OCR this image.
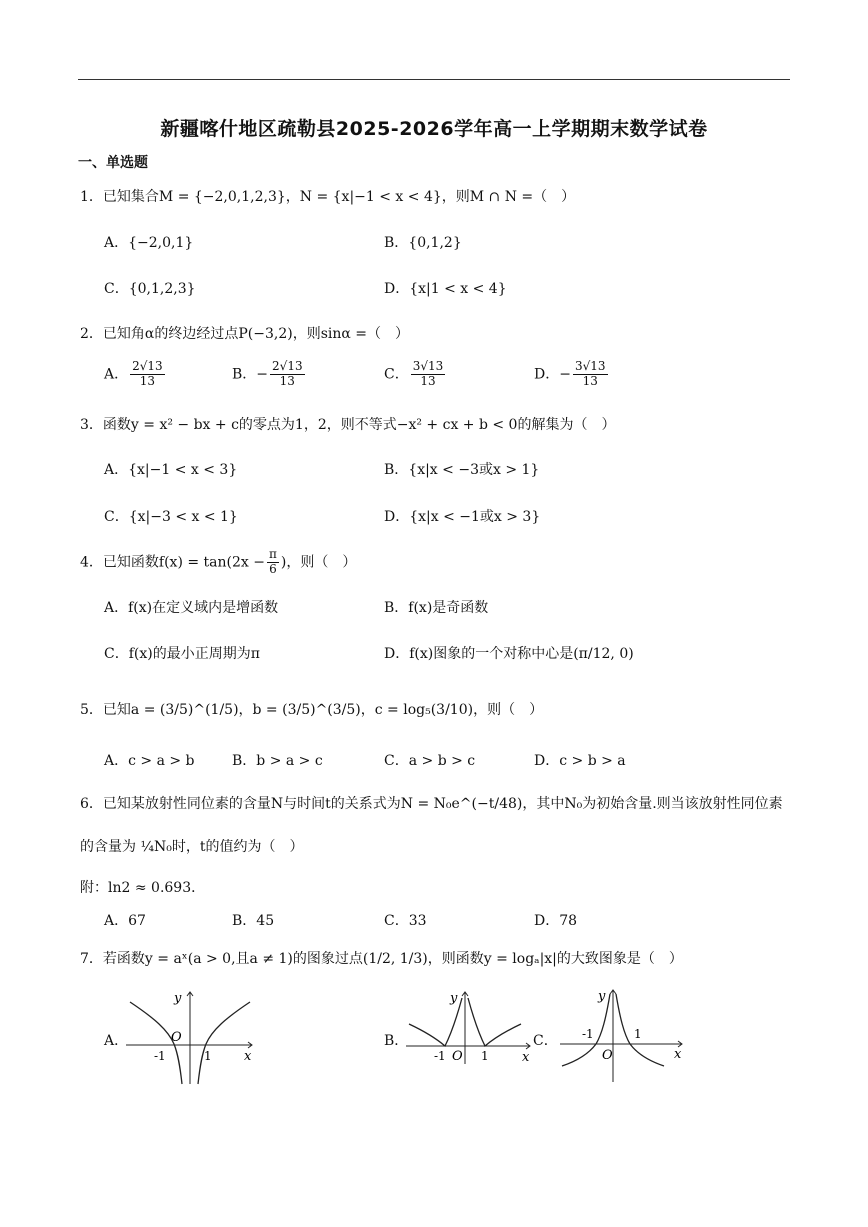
新疆喀什地区疏勒县2025-2026学年高一上学期期末数学试卷
一、单选题
1．已知集合M = {−2,0,1,2,3}，N = {x|−1 < x < 4}，则M ∩ N =（　）
A．{−2,0,1}	B．{0,1,2}
C．{0,1,2,3}	D．{x|1 < x < 4}
2．已知角α的终边经过点P(−3,2)，则sinα =（　）
A． $\frac{2√13}{13}$	B．− $\frac{2√13}{13}$	C． $\frac{3√13}{13}$	D．− $\frac{3√13}{13}$
3．函数y = x² − bx + c的零点为1，2，则不等式−x² + cx + b < 0的解集为（　）
A．{x|−1 < x < 3}	B．{x|x < −3或x > 1}
C．{x|−3 < x < 1}	D．{x|x < −1或x > 3}
4．已知函数$f(x) = \tan(2x - \frac{\pi}{6}$ )，则（　）
A．f(x)在定义域内是增函数	B．f(x)是奇函数
C．f(x)的最小正周期为π	D．f(x)图象的一个对称中心是(π/12, 0)
5．已知a = (3/5)^(1/5)，b = (3/5)^(3/5)，c = log₅(3/10)，则（　）
A．c > a > b	B．b > a > c	C．a > b > c	D．c > b > a
6．已知某放射性同位素的含量N与时间t的关系式为N = N₀e^(−t/48)，其中N₀为初始含量.则当该放射性同位素
的含量为 ¼N₀时，t的值约为（　）
附：ln2 ≈ 0.693．
A．67	B．45	C．33	D．78
7．若函数y = aˣ(a > 0,且a ≠ 1)的图象过点(1/2, 1/3)，则函数y = logₐ|x|的大致图象是（　）
A．	B．	C．
y
x
O
-1	1
y
x
O
-1	1
y
x
O
-1	1
